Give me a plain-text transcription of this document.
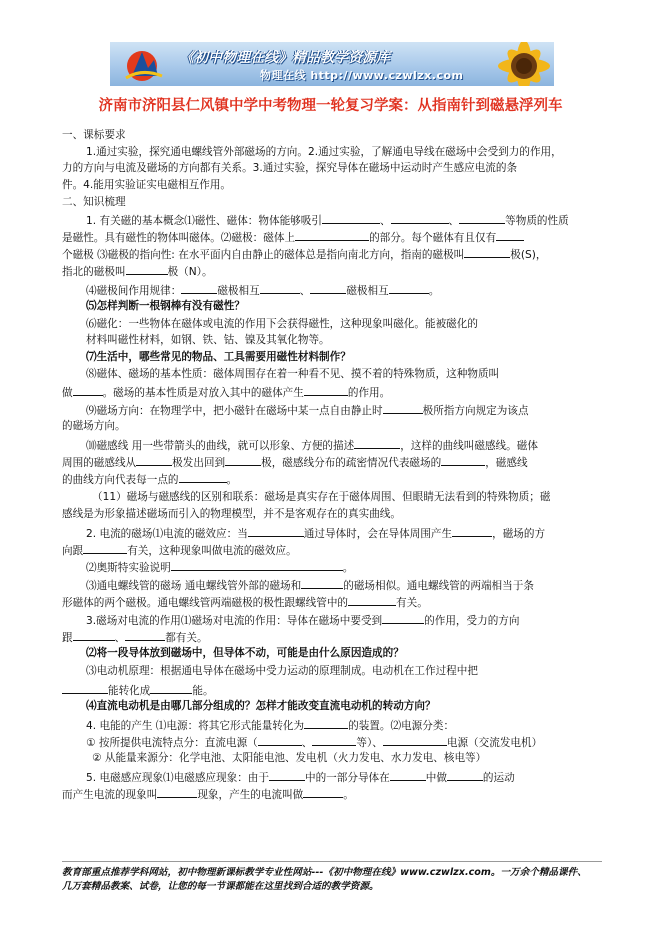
《初中物理在线》精品教学资源库
物理在线 http://www.czwlzx.com
济南市济阳县仁风镇中学中考物理一轮复习学案：从指南针到磁悬浮列车
一、课标要求
1.通过实验，探究通电螺线管外部磁场的方向。2.通过实验，了解通电导线在磁场中会受到力的作用，
力的方向与电流及磁场的方向都有关系。3.通过实验，探究导体在磁场中运动时产生感应电流的条
件。4.能用实验证实电磁相互作用。
二、知识梳理
1. 有关磁的基本概念⑴磁性、磁体：物体能够吸引	、	、	等物质的性质
是磁性。具有磁性的物体叫磁体。⑵磁极：磁体上	的部分。每个磁体有且仅有
个磁极 ⑶磁极的指向性: 在水平面内自由静止的磁体总是指向南北方向，指南的磁极叫	极(S)，
指北的磁极叫	极（N）。
⑷磁极间作用规律：	磁极相互	、	磁极相互	。
⑸怎样判断一根钢棒有没有磁性？
⑹磁化：一些物体在磁体或电流的作用下会获得磁性，这种现象叫磁化。能被磁化的
材料叫磁性材料，如钢、铁、钴、镍及其氧化物等。
⑺生活中，哪些常见的物品、工具需要用磁性材料制作？
⑻磁体、磁场的基本性质：磁体周围存在着一种看不见、摸不着的特殊物质，这种物质叫
做	。磁场的基本性质是对放入其中的磁体产生	的作用。
⑼磁场方向：在物理学中，把小磁针在磁场中某一点自由静止时	极所指方向规定为该点
的磁场方向。
⑽磁感线 用一些带箭头的曲线，就可以形象、方便的描述	，这样的曲线叫磁感线。磁体
周围的磁感线从	极发出回到	极，磁感线分布的疏密情况代表磁场的	，磁感线
的曲线方向代表每一点的	。
（11）磁场与磁感线的区别和联系：磁场是真实存在于磁体周围、但眼睛无法看到的特殊物质；磁
感线是为形象描述磁场而引入的物理模型，并不是客观存在的真实曲线。
2. 电流的磁场⑴电流的磁效应：当	通过导体时，会在导体周围产生	，磁场的方
向跟	有关，这种现象叫做电流的磁效应。
⑵奥斯特实验说明	。
⑶通电螺线管的磁场 通电螺线管外部的磁场和	的磁场相似。通电螺线管的两端相当于条
形磁体的两个磁极。通电螺线管两端磁极的极性跟螺线管中的	有关。
3.磁场对电流的作用⑴磁场对电流的作用：导体在磁场中要受到	的作用，受力的方向
跟	、	都有关。
⑵将一段导体放到磁场中，但导体不动，可能是由什么原因造成的？
⑶电动机原理：根据通电导体在磁场中受力运动的原理制成。电动机在工作过程中把
能转化成	能。
⑷直流电动机是由哪几部分组成的？怎样才能改变直流电动机的转动方向？
4. 电能的产生 ⑴电源：将其它形式能量转化为	的装置。⑵电源分类：
① 按所提供电流特点分：直流电源（	、	等）、	电源（交流发电机）
② 从能量来源分：化学电池、太阳能电池、发电机（火力发电、水力发电、核电等）
5. 电磁感应现象⑴电磁感应现象：由于	中的一部分导体在	中做	的运动
而产生电流的现象叫	现象，产生的电流叫做	。
教育部重点推荐学科网站，初中物理新课标教学专业性网站---《初中物理在线》www.czwlzx.com。一万余个精品课件、
几万套精品教案、试卷，让您的每一节课都能在这里找到合适的教学资源。
